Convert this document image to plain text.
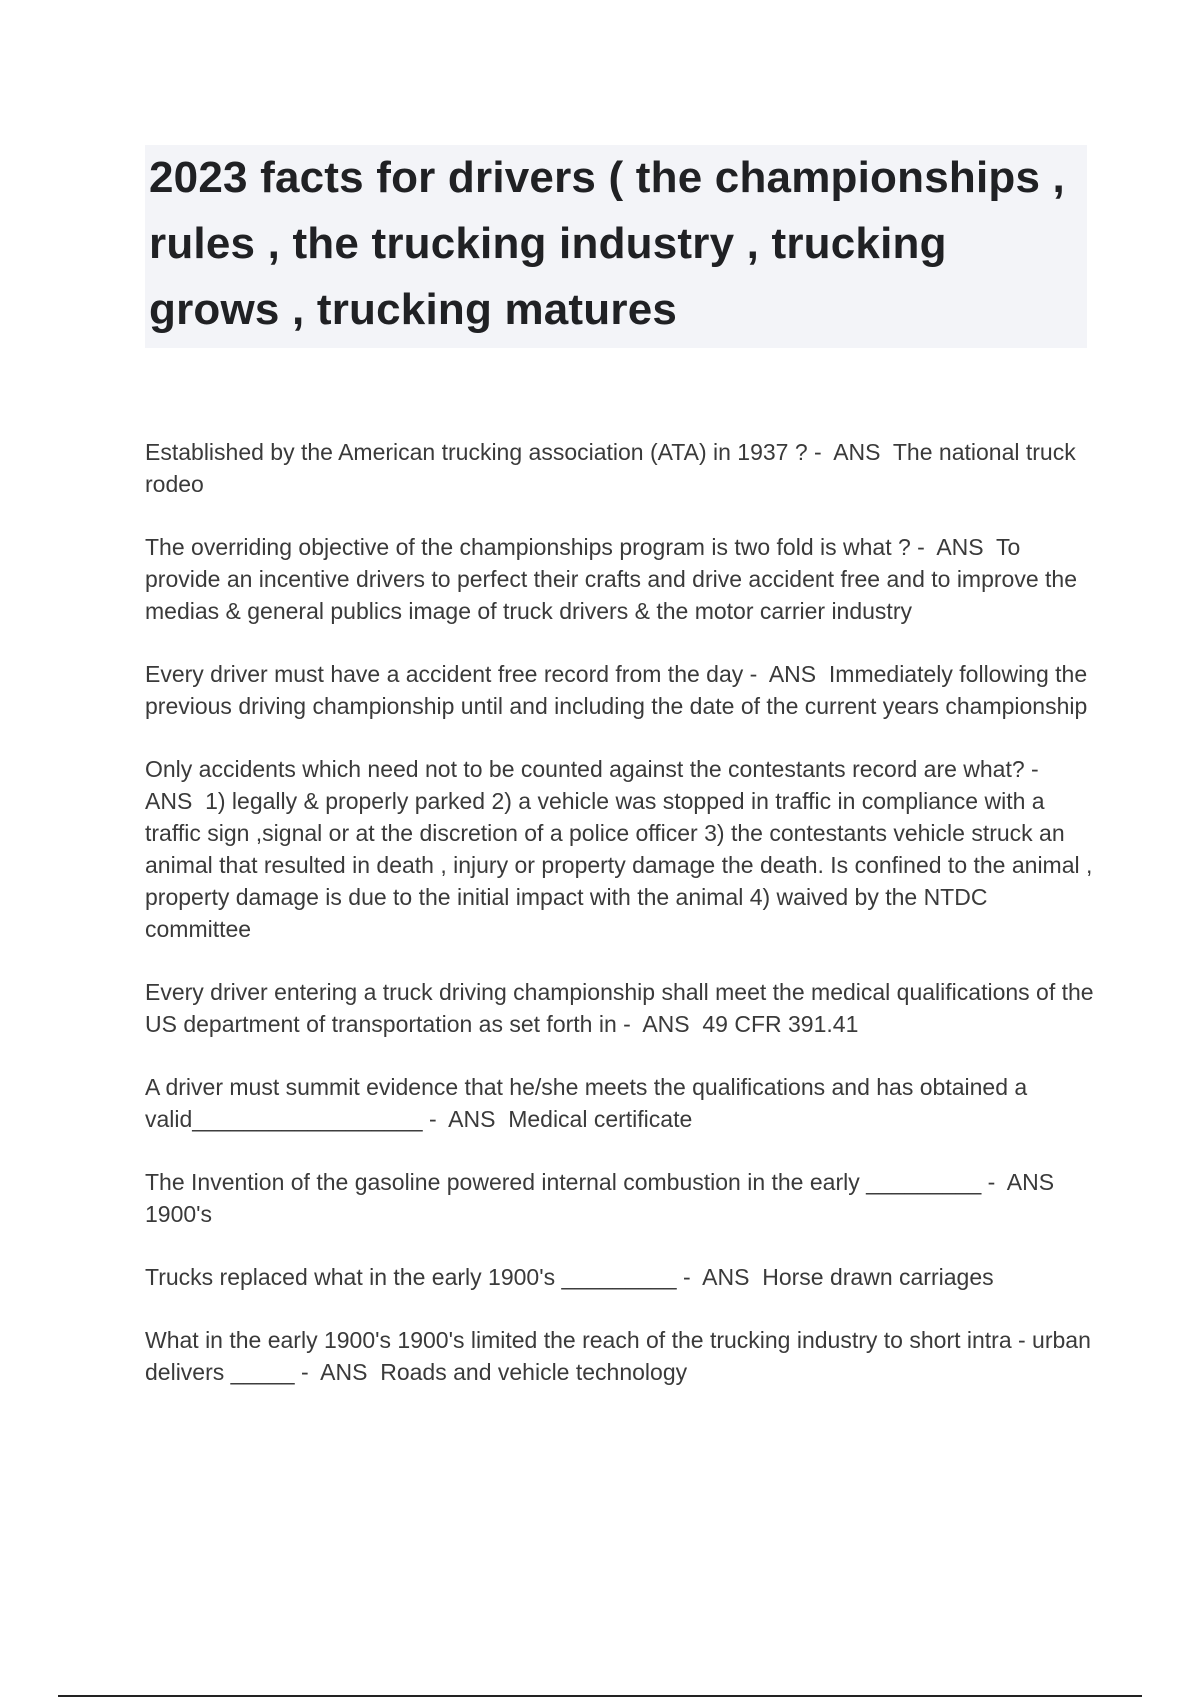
2023 facts for drivers ( the championships , rules , the trucking industry , trucking grows , trucking matures

Established by the American trucking association (ATA) in 1937 ? -  ANS  The national truck rodeo

The overriding objective of the championships program is two fold is what ? -  ANS  To provide an incentive drivers to perfect their crafts and drive accident free and to improve the medias & general publics image of truck drivers & the motor carrier industry

Every driver must have a accident free record from the day -  ANS  Immediately following the previous driving championship until and including the date of the current years championship

Only accidents which need not to be counted against the contestants record are what? -  ANS  1) legally & properly parked 2) a vehicle was stopped in traffic in compliance with a traffic sign ,signal or at the discretion of a police officer 3) the contestants vehicle struck an animal that resulted in death , injury or property damage the death. Is confined to the animal , property damage is due to the initial impact with the animal 4) waived by the NTDC committee

Every driver entering a truck driving championship shall meet the medical qualifications of the US department of transportation as set forth in -  ANS  49 CFR 391.41

A driver must summit evidence that he/she meets the qualifications and has obtained a valid__________________ -  ANS  Medical certificate

The Invention of the gasoline powered internal combustion in the early _________ -  ANS  1900's

Trucks replaced what in the early 1900's _________ -  ANS  Horse drawn carriages

What in the early 1900's 1900's limited the reach of the trucking industry to short intra - urban delivers _____ -  ANS  Roads and vehicle technology
